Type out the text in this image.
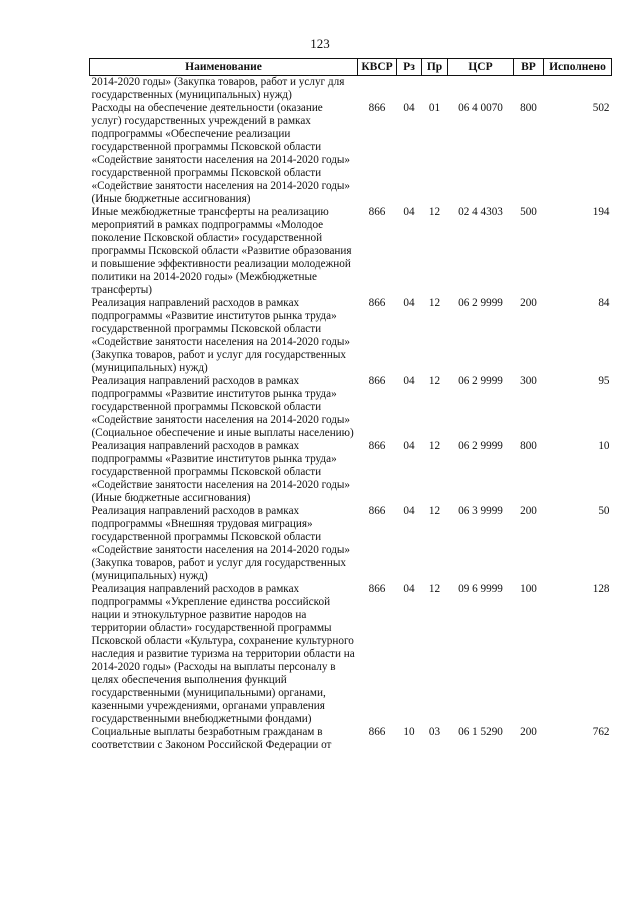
123
Наименование	КВСР	Рз	Пр	ЦСР	ВР	Исполнено
2014-2020 годы» (Закупка товаров, работ и услуг для государственных (муниципальных) нужд)						
Расходы на обеспечение деятельности (оказание услуг) государственных учреждений в рамках подпрограммы «Обеспечение реализации государственной программы Псковской области «Содействие занятости населения на 2014-2020 годы» государственной программы Псковской области «Содействие занятости населения на 2014-2020 годы» (Иные бюджетные ассигнования)	866	04	01	06 4 0070	800	502
Иные межбюджетные трансферты на реализацию мероприятий в рамках подпрограммы «Молодое поколение Псковской области» государственной программы Псковской области «Развитие образования и повышение эффективности реализации молодежной политики на 2014-2020 годы» (Межбюджетные трансферты)	866	04	12	02 4 4303	500	194
Реализация направлений расходов в рамках подпрограммы «Развитие институтов рынка труда» государственной программы Псковской области «Содействие занятости населения на 2014-2020 годы» (Закупка товаров, работ и услуг для государственных (муниципальных) нужд)	866	04	12	06 2 9999	200	84
Реализация направлений расходов в рамках подпрограммы «Развитие институтов рынка труда» государственной программы Псковской области «Содействие занятости населения на 2014-2020 годы» (Социальное обеспечение и иные выплаты населению)	866	04	12	06 2 9999	300	95
Реализация направлений расходов в рамках подпрограммы «Развитие институтов рынка труда» государственной программы Псковской области «Содействие занятости населения на 2014-2020 годы» (Иные бюджетные ассигнования)	866	04	12	06 2 9999	800	10
Реализация направлений расходов в рамках подпрограммы «Внешняя трудовая миграция» государственной программы Псковской области «Содействие занятости населения на 2014-2020 годы» (Закупка товаров, работ и услуг для государственных (муниципальных) нужд)	866	04	12	06 3 9999	200	50
Реализация направлений расходов в рамках подпрограммы «Укрепление единства российской нации и этнокультурное развитие народов на территории области» государственной программы Псковской области «Культура, сохранение культурного наследия и развитие туризма на территории области на 2014-2020 годы» (Расходы на выплаты персоналу в целях обеспечения выполнения функций государственными (муниципальными) органами, казенными учреждениями, органами управления государственными внебюджетными фондами)	866	04	12	09 6 9999	100	128
Социальные выплаты безработным гражданам в соответствии с Законом Российской Федерации от	866	10	03	06 1 5290	200	762
